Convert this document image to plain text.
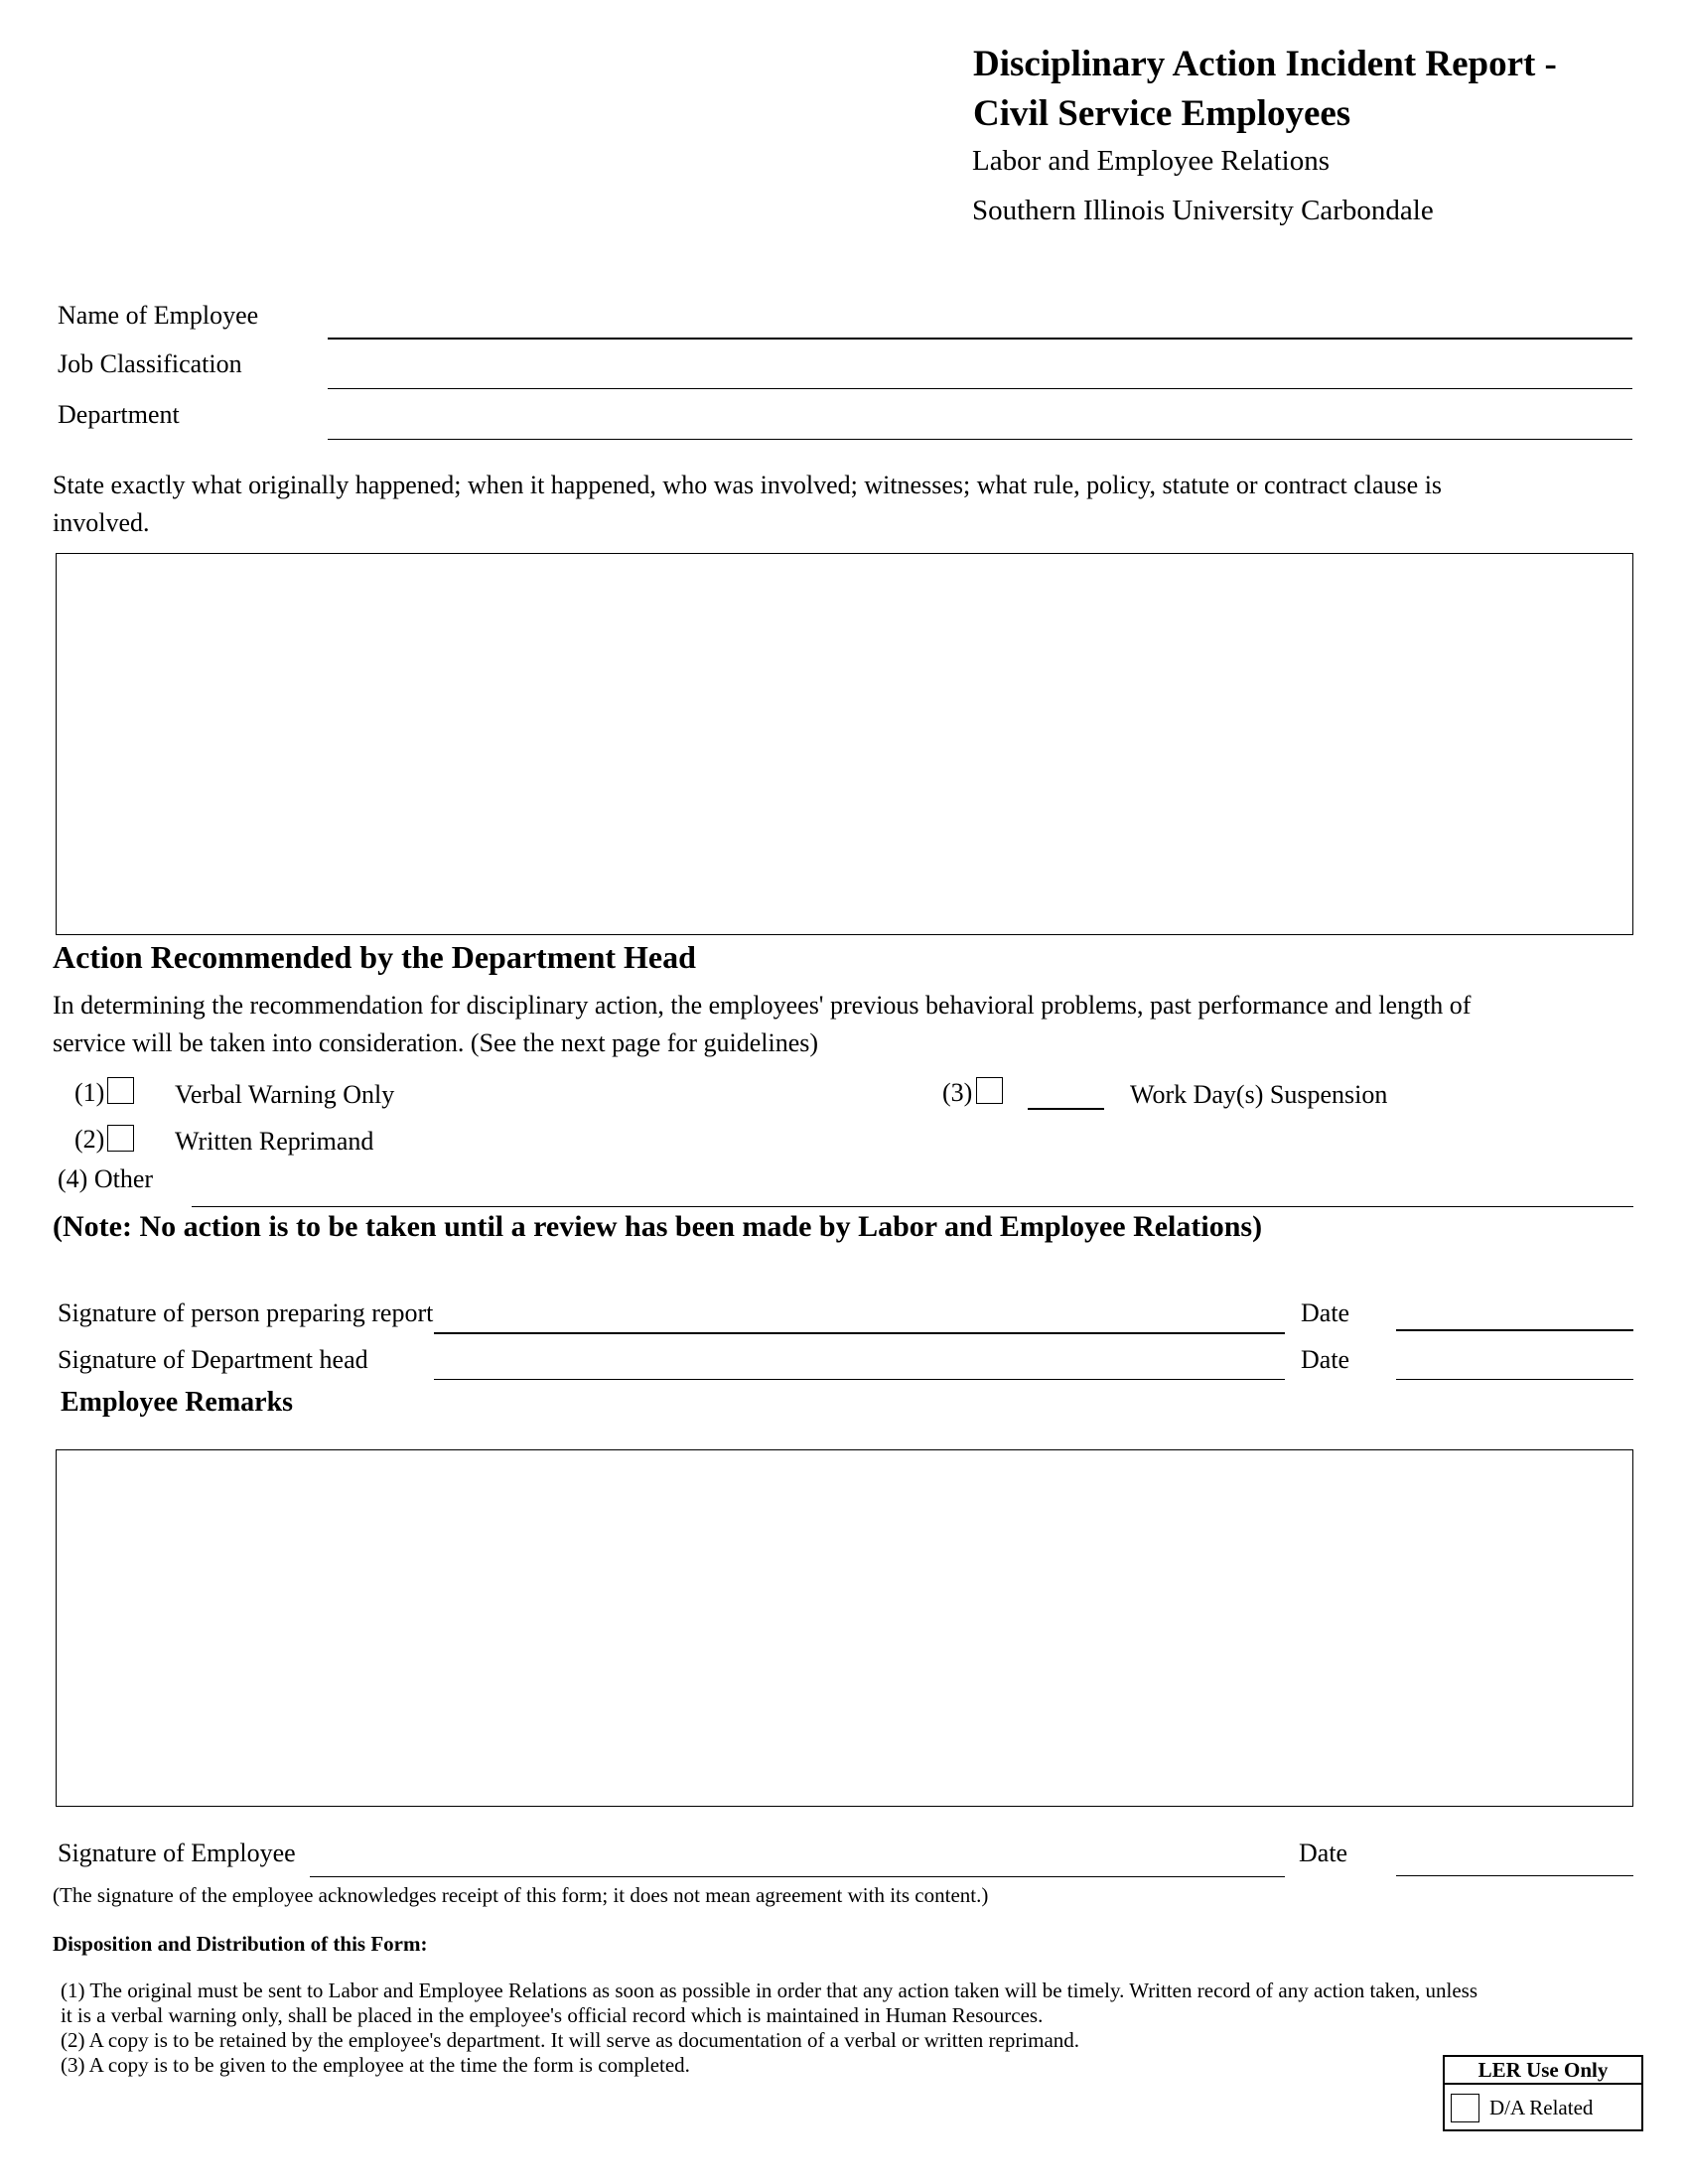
Disciplinary Action Incident Report -
Civil Service Employees
Labor and Employee Relations
Southern Illinois University Carbondale
Name of Employee
Job Classification
Department
State exactly what originally happened; when it happened, who was involved; witnesses; what rule, policy, statute or contract clause is
involved.
Action Recommended by the Department Head
In determining the recommendation for disciplinary action, the employees' previous behavioral problems, past performance and length of
service will be taken into consideration. (See the next page for guidelines)
(1)	Verbal Warning Only	(3)	Work Day(s) Suspension
(2)	Written Reprimand
(4) Other
(Note: No action is to be taken until a review has been made by Labor and Employee Relations)
Signature of person preparing report	Date
Signature of Department head	Date
Employee Remarks
Signature of Employee	Date
(The signature of the employee acknowledges receipt of this form; it does not mean agreement with its content.)
Disposition and Distribution of this Form:
(1) The original must be sent to Labor and Employee Relations as soon as possible in order that any action taken will be timely. Written record of any action taken, unless
it is a verbal warning only, shall be placed in the employee's official record which is maintained in Human Resources.
(2) A copy is to be retained by the employee's department. It will serve as documentation of a verbal or written reprimand.
(3) A copy is to be given to the employee at the time the form is completed.	LER Use Only
D/A Related
